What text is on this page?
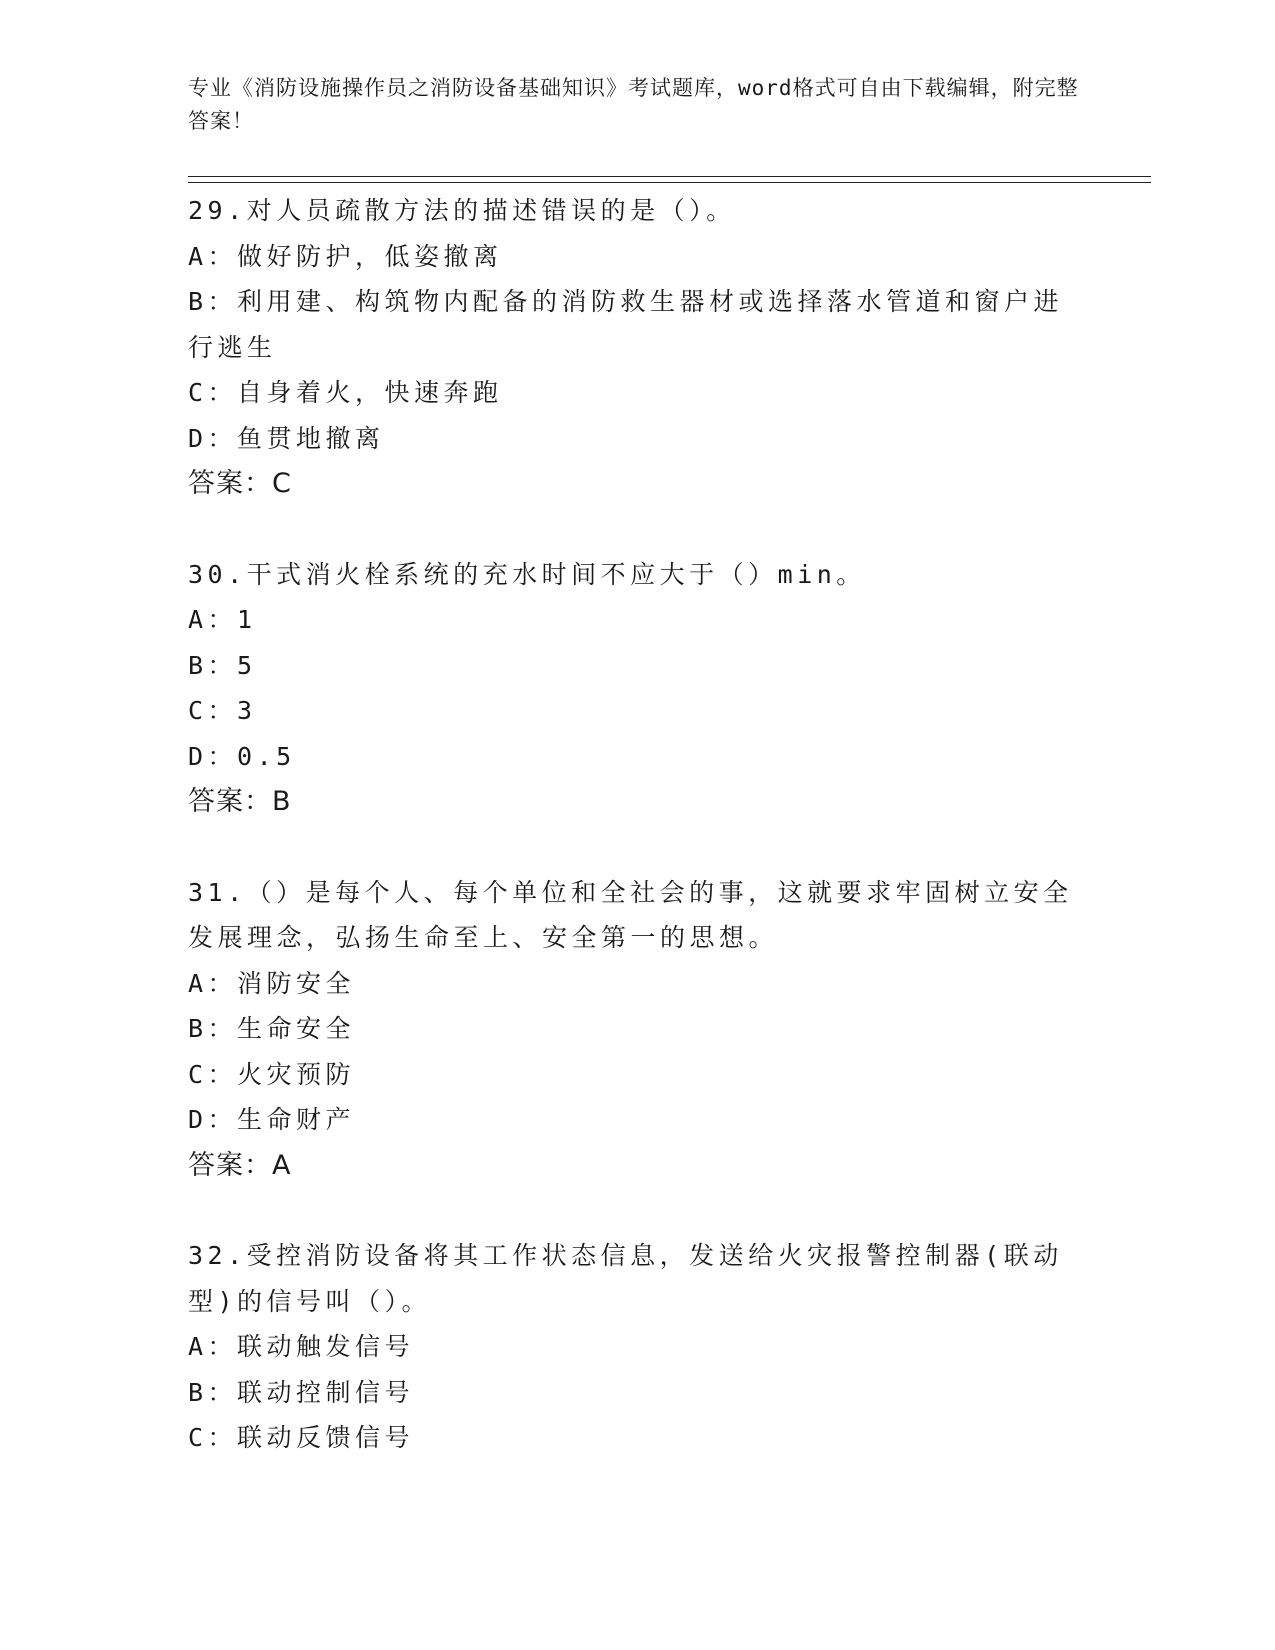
专业《消防设施操作员之消防设备基础知识》考试题库，word格式可自由下载编辑，附完整答案！

29.对人员疏散方法的描述错误的是（）。

A：做好防护，低姿撤离

B：利用建、构筑物内配备的消防救生器材或选择落水管道和窗户进行逃生

C：自身着火，快速奔跑

D：鱼贯地撤离

答案：C

30.干式消火栓系统的充水时间不应大于（）min。

A：1

B：5

C：3

D：0.5

答案：B

31.（）是每个人、每个单位和全社会的事，这就要求牢固树立安全发展理念，弘扬生命至上、安全第一的思想。

A：消防安全

B：生命安全

C：火灾预防

D：生命财产

答案：A

32.受控消防设备将其工作状态信息，发送给火灾报警控制器(联动型)的信号叫（）。

A：联动触发信号

B：联动控制信号

C：联动反馈信号
